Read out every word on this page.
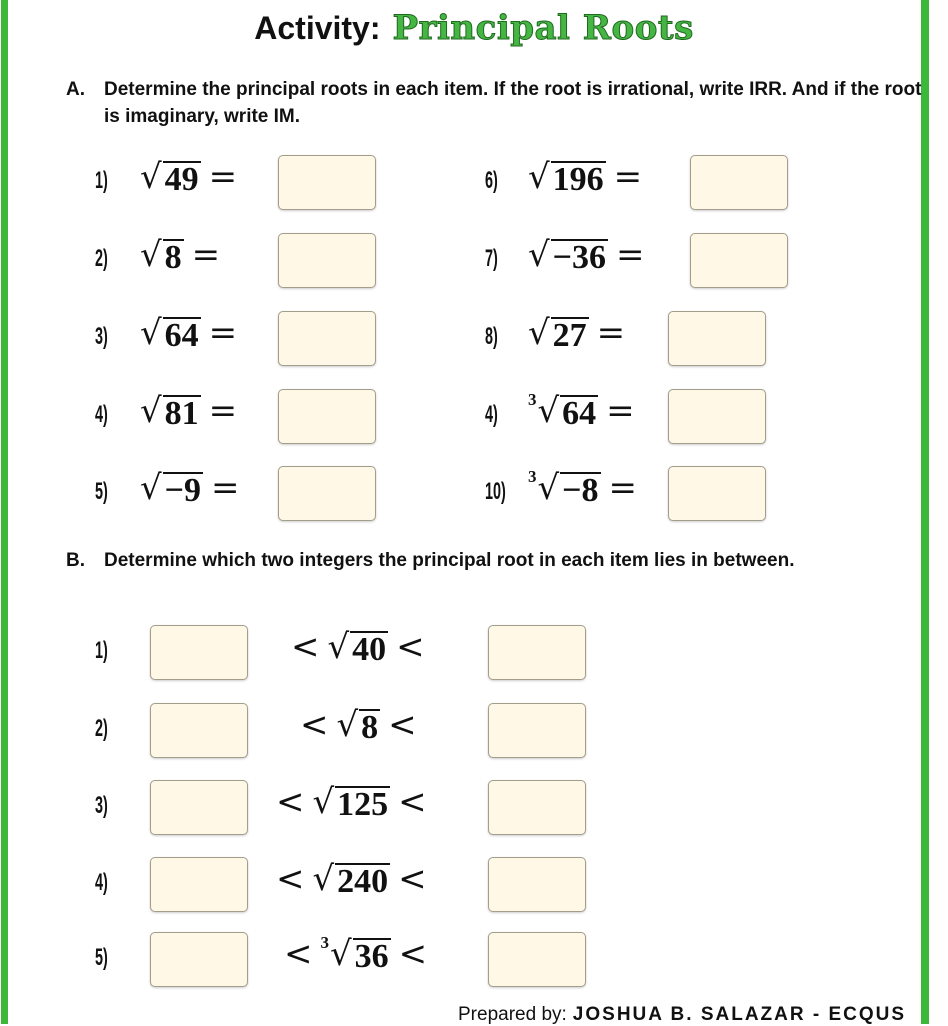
Activity: Principal Roots
A. Determine the principal roots in each item. If the root is irrational, write IRR. And if the root is imaginary, write IM.
B. Determine which two integers the principal root in each item lies in between.
1) √ 49 =
2) √ 8 =
3) √ 64 =
4) √ 81 =
5) √ −9 =
6) √ 196 =
7) √ −36 =
8) √ 27 =
4)
3 √ 64 =
10)
3 √ −8 =
1)	< √ 40 <
2)	< √ 8 <
3)	< √ 125 <
4)	< √ 240 <
5)	< 3 √ 36 <
Prepared by: JOSHUA B. SALAZAR - ECQUS
